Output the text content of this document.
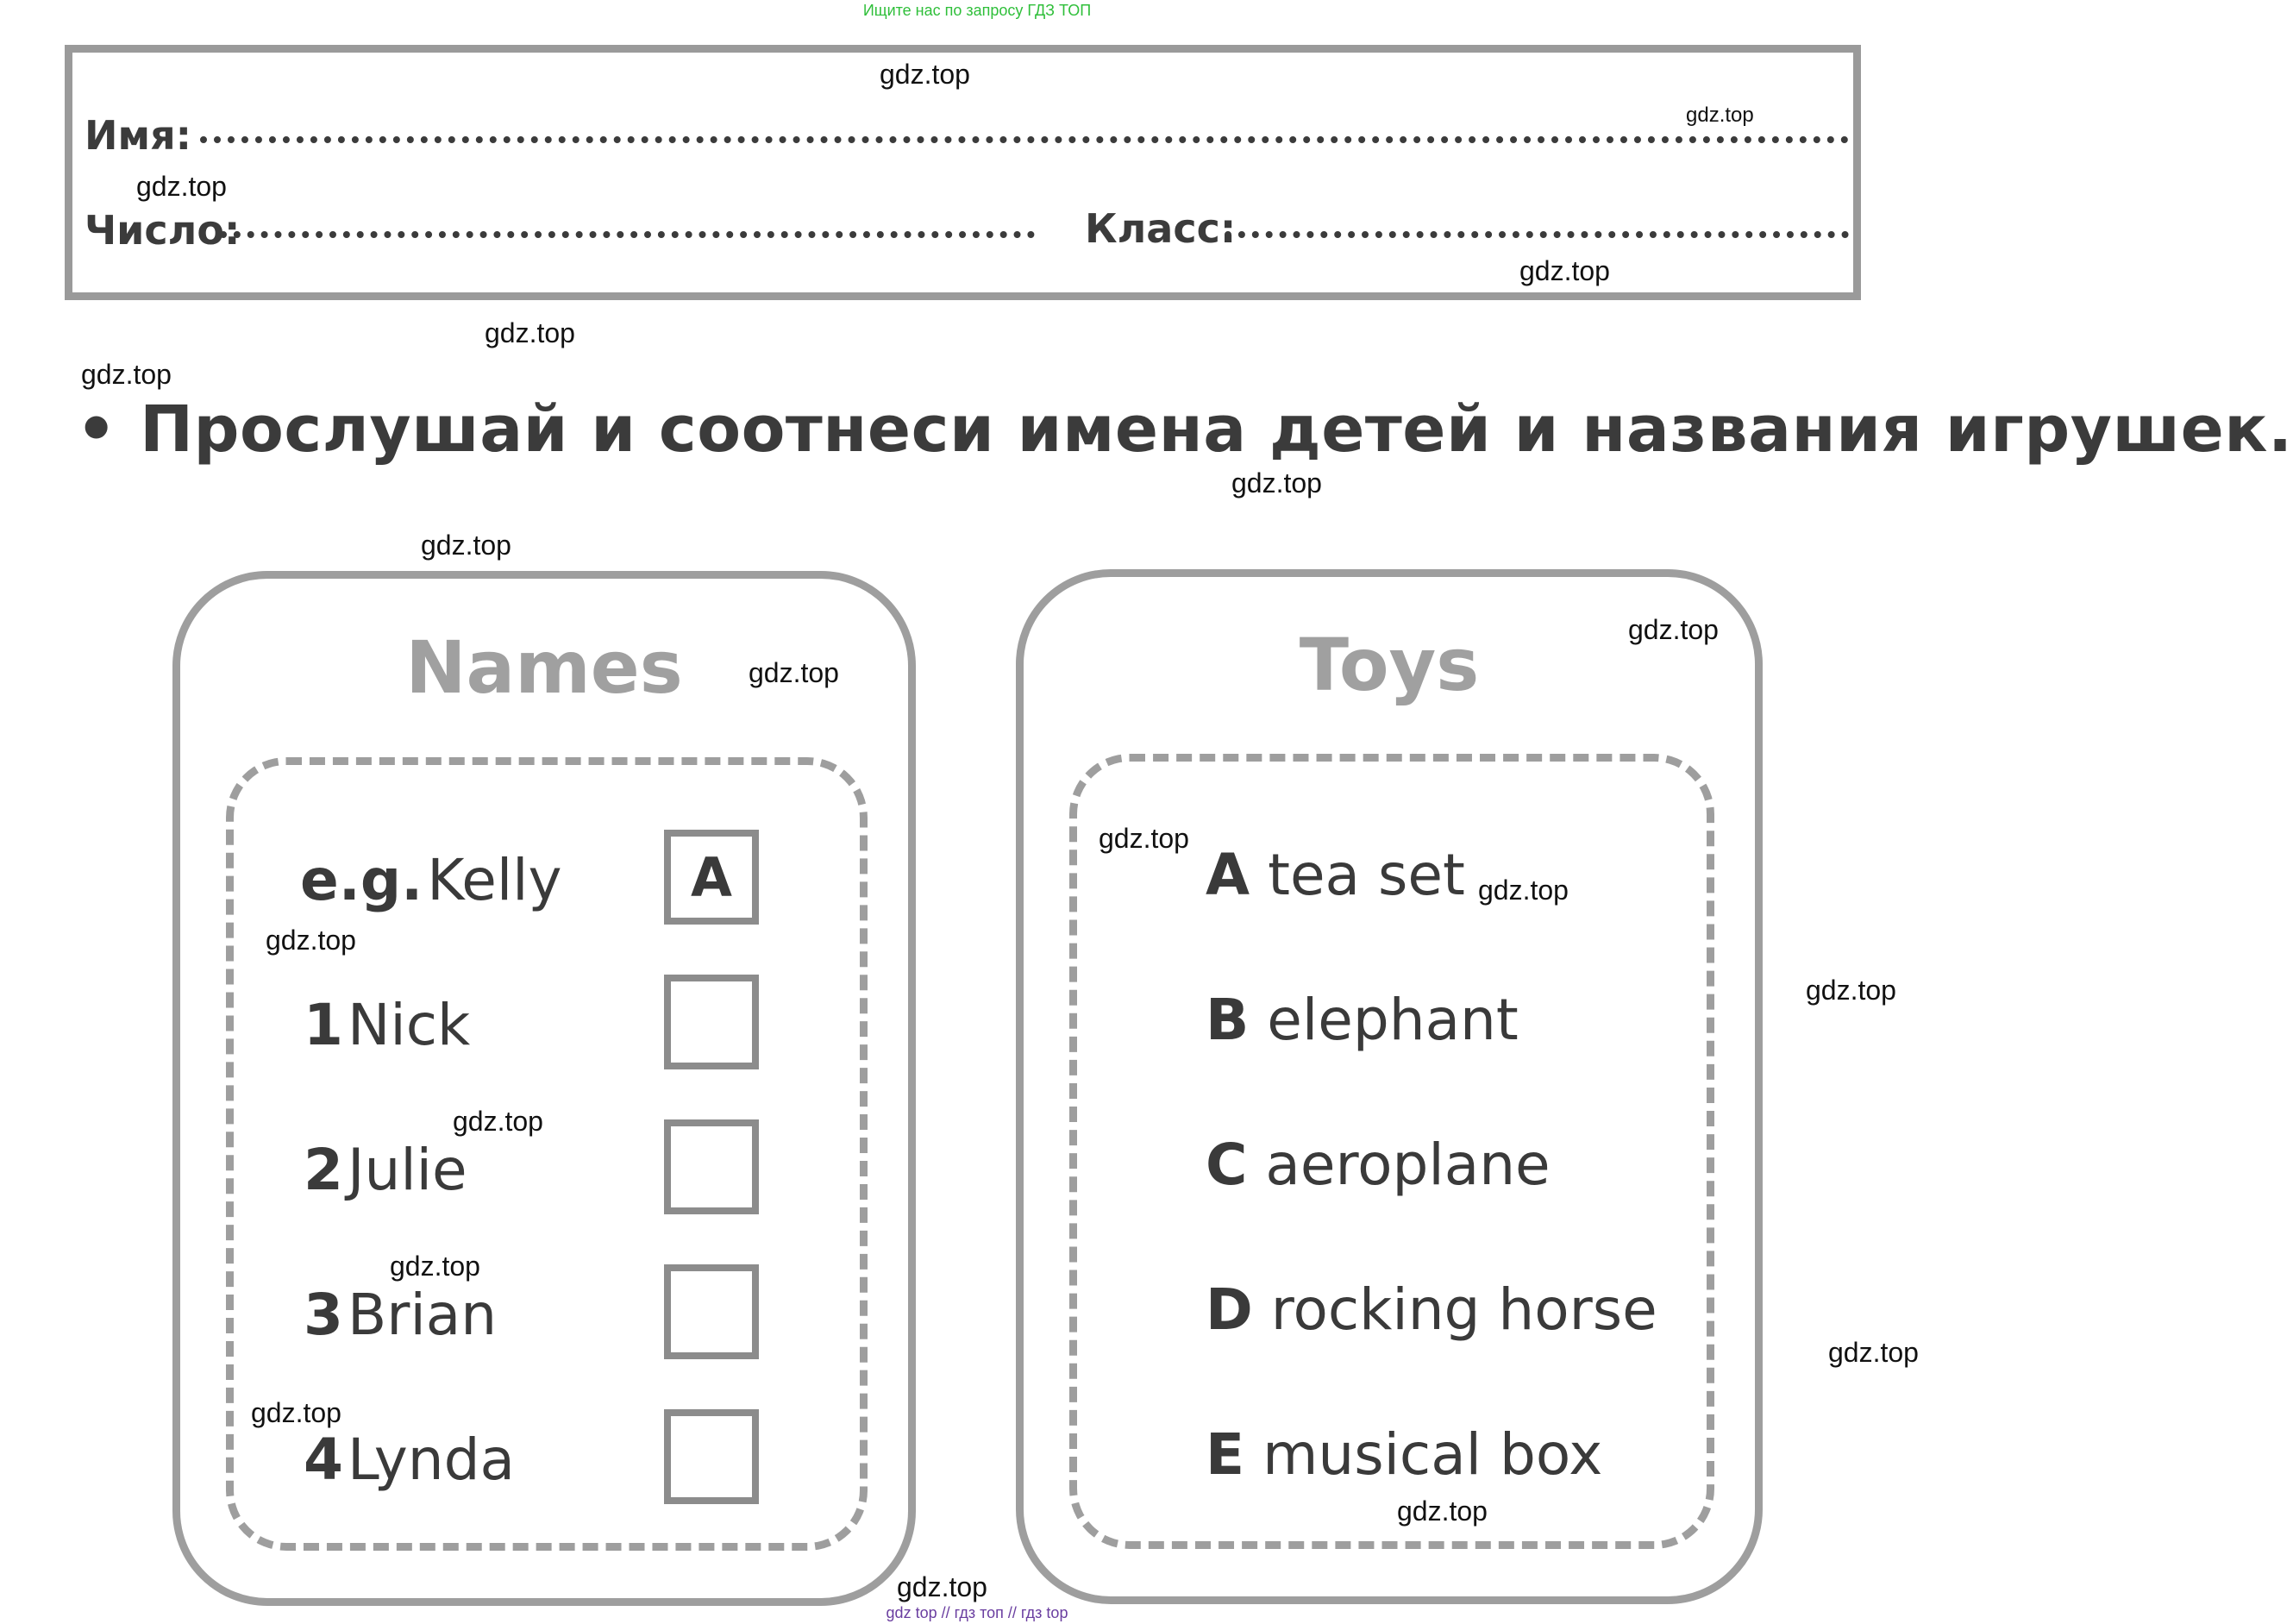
Ищите нас по запросу ГДЗ ТОП
Имя:
Число:	Класс:
• Прослушай и соотнеси имена детей и названия игрушек.
Names
e.g. Kelly	A
1 Nick
2 Julie
3 Brian
4 Lynda
Toys
A tea set
B elephant
C aeroplane
D rocking horse
E musical box
gdz.top
gdz.top
gdz.top
gdz.top
gdz.top
gdz.top
gdz.top
gdz.top
gdz.top
gdz.top
gdz.top
gdz.top
gdz.top
gdz.top
gdz.top
gdz.top
gdz.top
gdz.top
gdz.top
gdz.top
gdz top // гдз топ // гдз top
